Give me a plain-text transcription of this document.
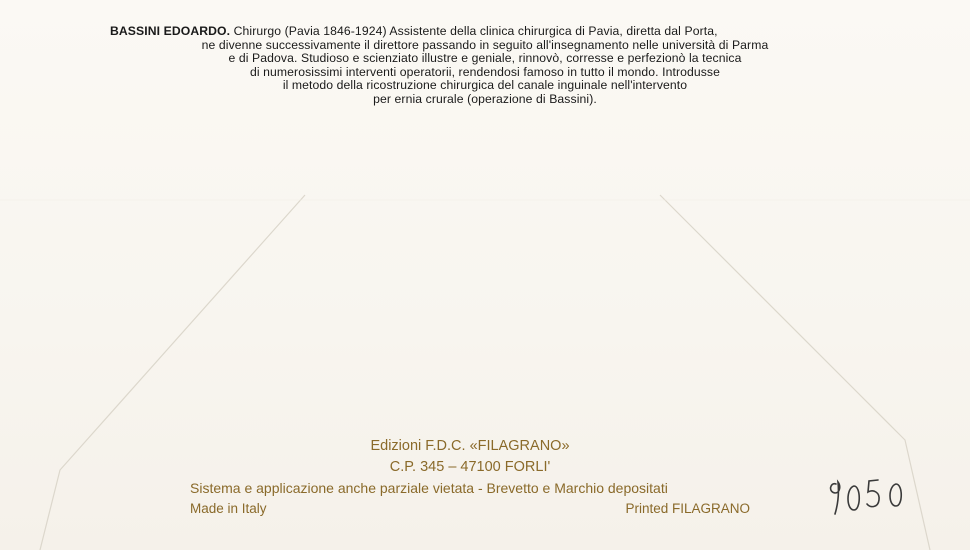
BASSINI EDOARDO. Chirurgo (Pavia 1846-1924) Assistente della clinica chirurgica di Pavia, diretta dal Porta,
ne divenne successivamente il direttore passando in seguito all'insegnamento nelle università di Parma
e di Padova. Studioso e scienziato illustre e geniale, rinnovò, corresse e perfezionò la tecnica
di numerosissimi interventi operatorii, rendendosi famoso in tutto il mondo. Introdusse
il metodo della ricostruzione chirurgica del canale inguinale nell'intervento
per ernia crurale (operazione di Bassini).
Edizioni F.D.C. «FILAGRANO»
C.P. 345 – 47100 FORLI'
Sistema e applicazione anche parziale vietata - Brevetto e Marchio depositati
Made in Italy	Printed FILAGRANO
